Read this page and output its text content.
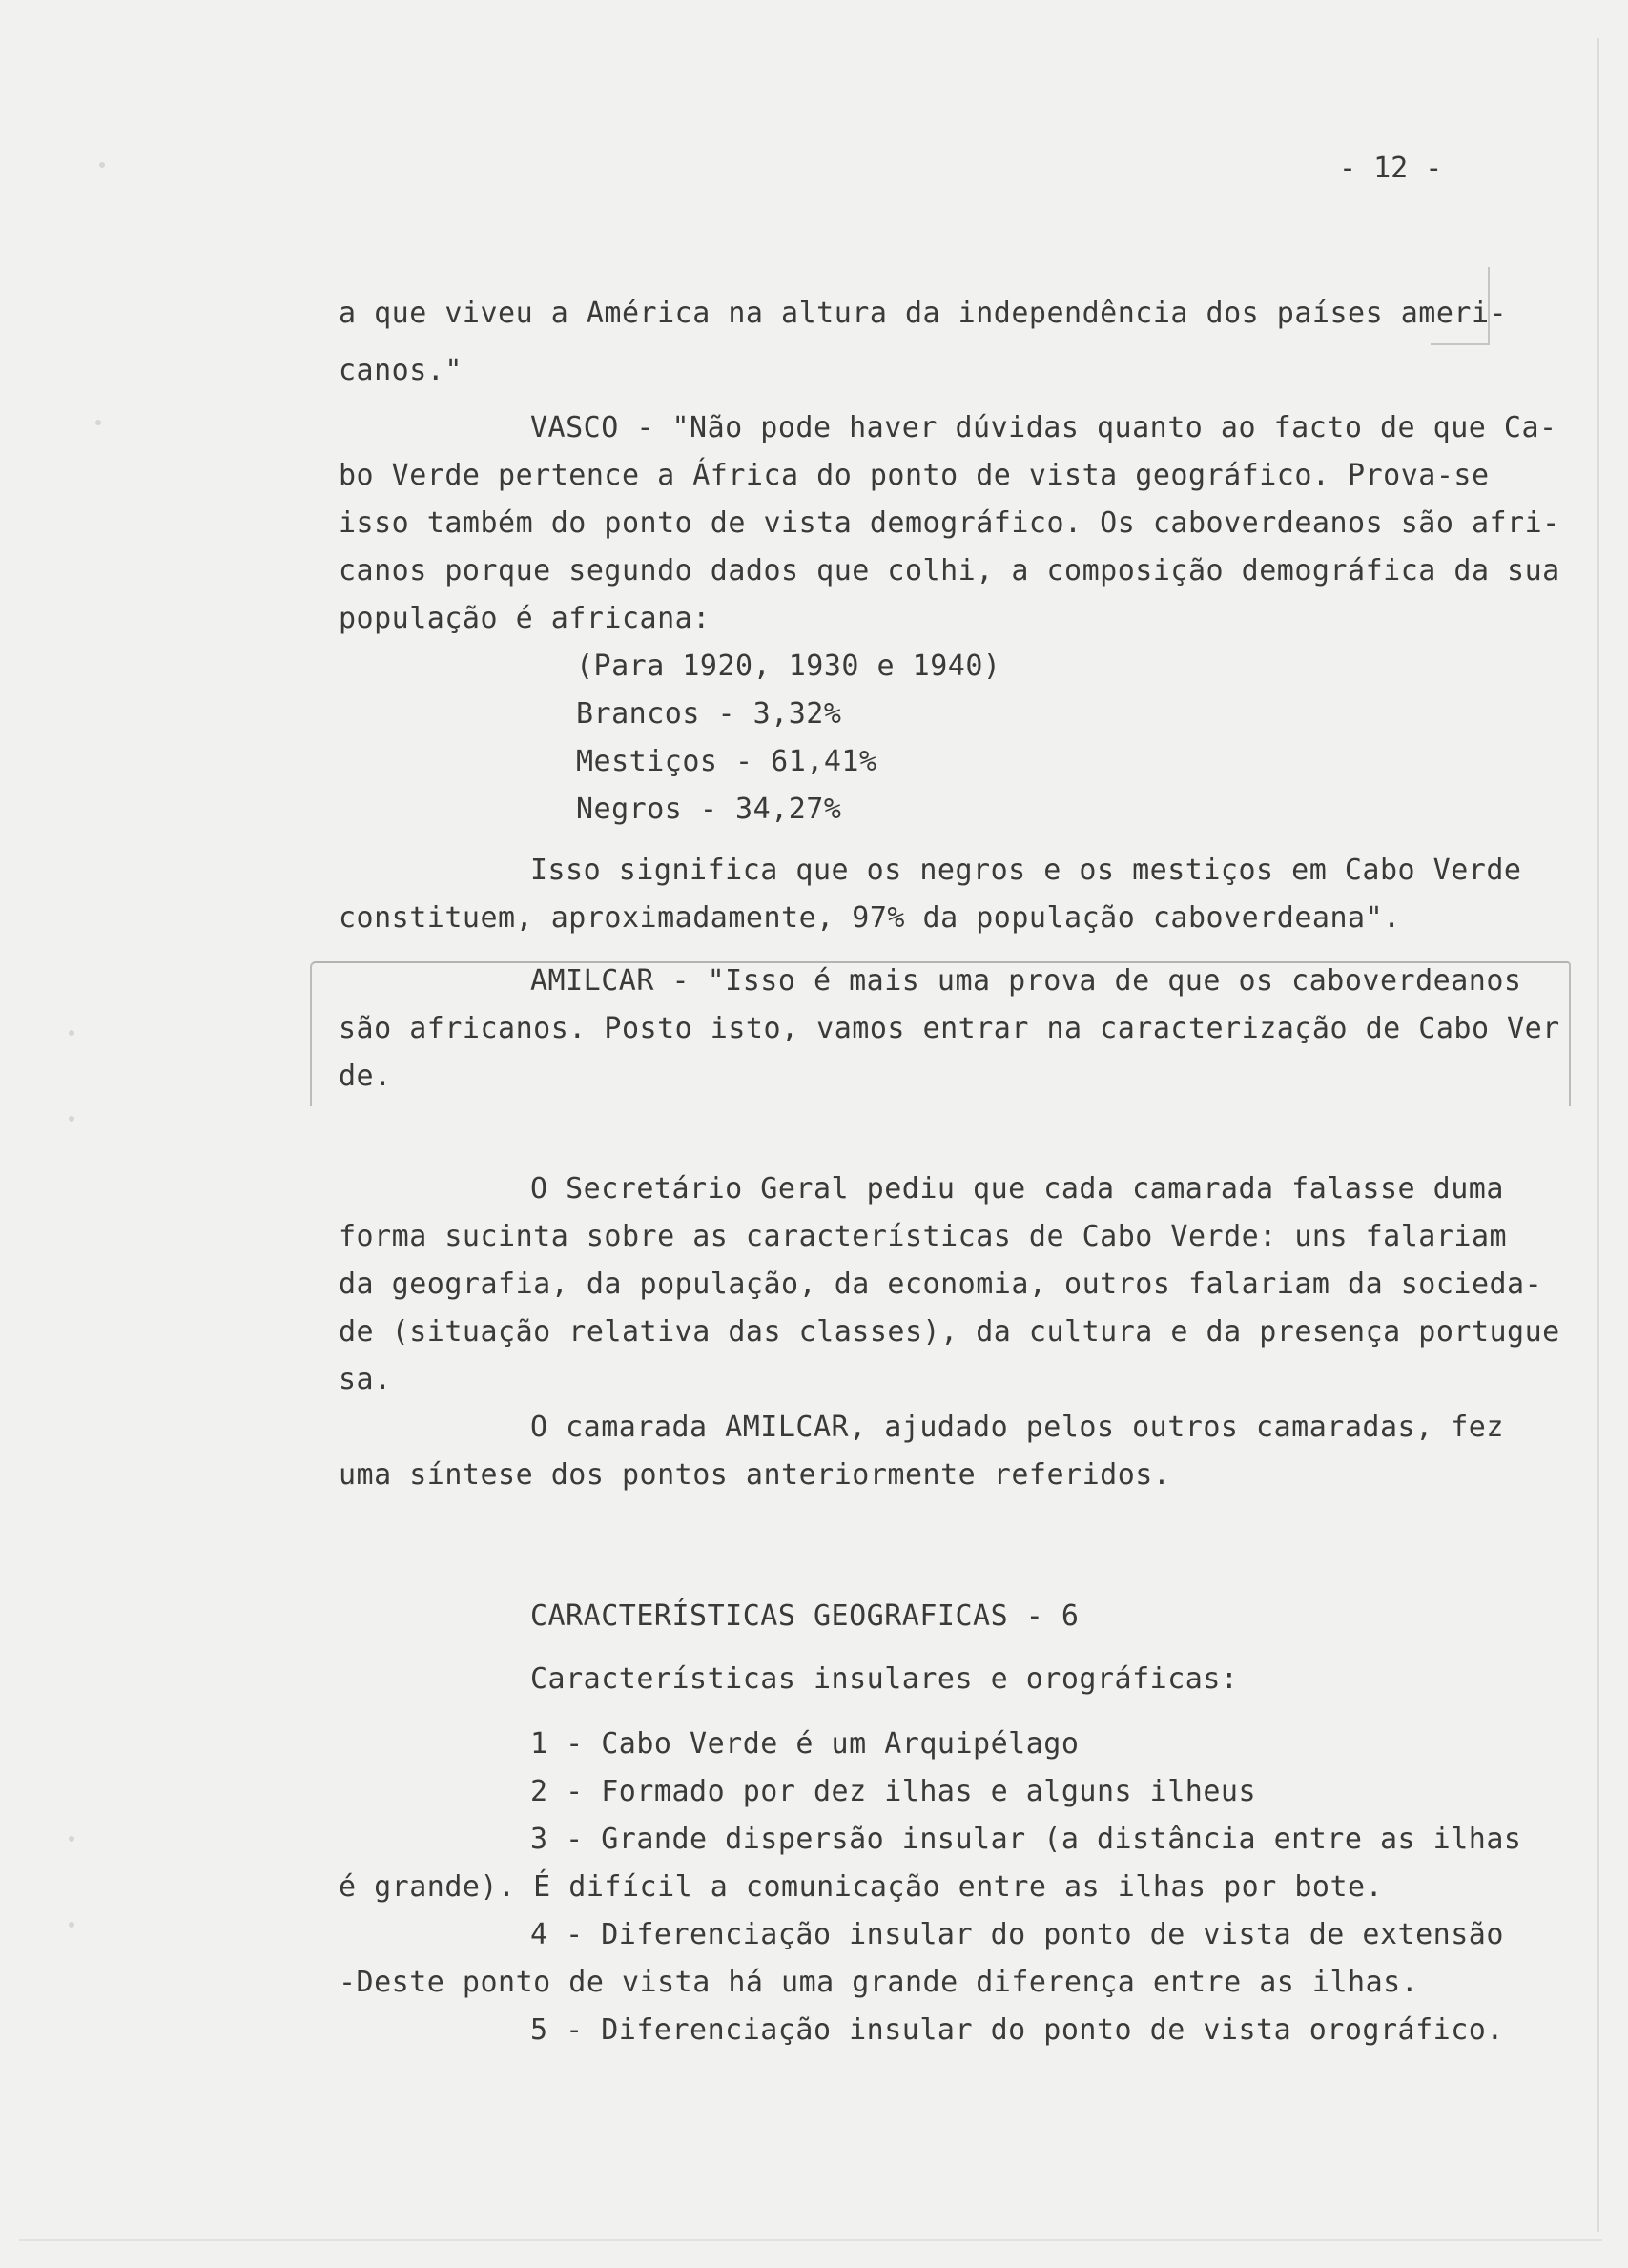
- 12 -
a que viveu a América na altura da independência dos países ameri-
canos."
VASCO - "Não pode haver dúvidas quanto ao facto de que Ca-
bo Verde pertence a África do ponto de vista geográfico. Prova-se
isso também do ponto de vista demográfico. Os caboverdeanos são afri-
canos porque segundo dados que colhi, a composição demográfica da sua
população é africana:
(Para 1920, 1930 e 1940)
Brancos - 3,32%
Mestiços - 61,41%
Negros - 34,27%
Isso significa que os negros e os mestiços em Cabo Verde
constituem, aproximadamente, 97% da população caboverdeana".
AMILCAR - "Isso é mais uma prova de que os caboverdeanos
são africanos. Posto isto, vamos entrar na caracterização de Cabo Ver
de.
O Secretário Geral pediu que cada camarada falasse duma
forma sucinta sobre as características de Cabo Verde: uns falariam
da geografia, da população, da economia, outros falariam da socieda-
de (situação relativa das classes), da cultura e da presença portugue
sa.
O camarada AMILCAR, ajudado pelos outros camaradas, fez
uma síntese dos pontos anteriormente referidos.
CARACTERÍSTICAS GEOGRAFICAS - 6
Características insulares e orográficas:
1 - Cabo Verde é um Arquipélago
2 - Formado por dez ilhas e alguns ilheus
3 - Grande dispersão insular (a distância entre as ilhas
é grande). É difícil a comunicação entre as ilhas por bote.
4 - Diferenciação insular do ponto de vista de extensão
-Deste ponto de vista há uma grande diferença entre as ilhas.
5 - Diferenciação insular do ponto de vista orográfico.
